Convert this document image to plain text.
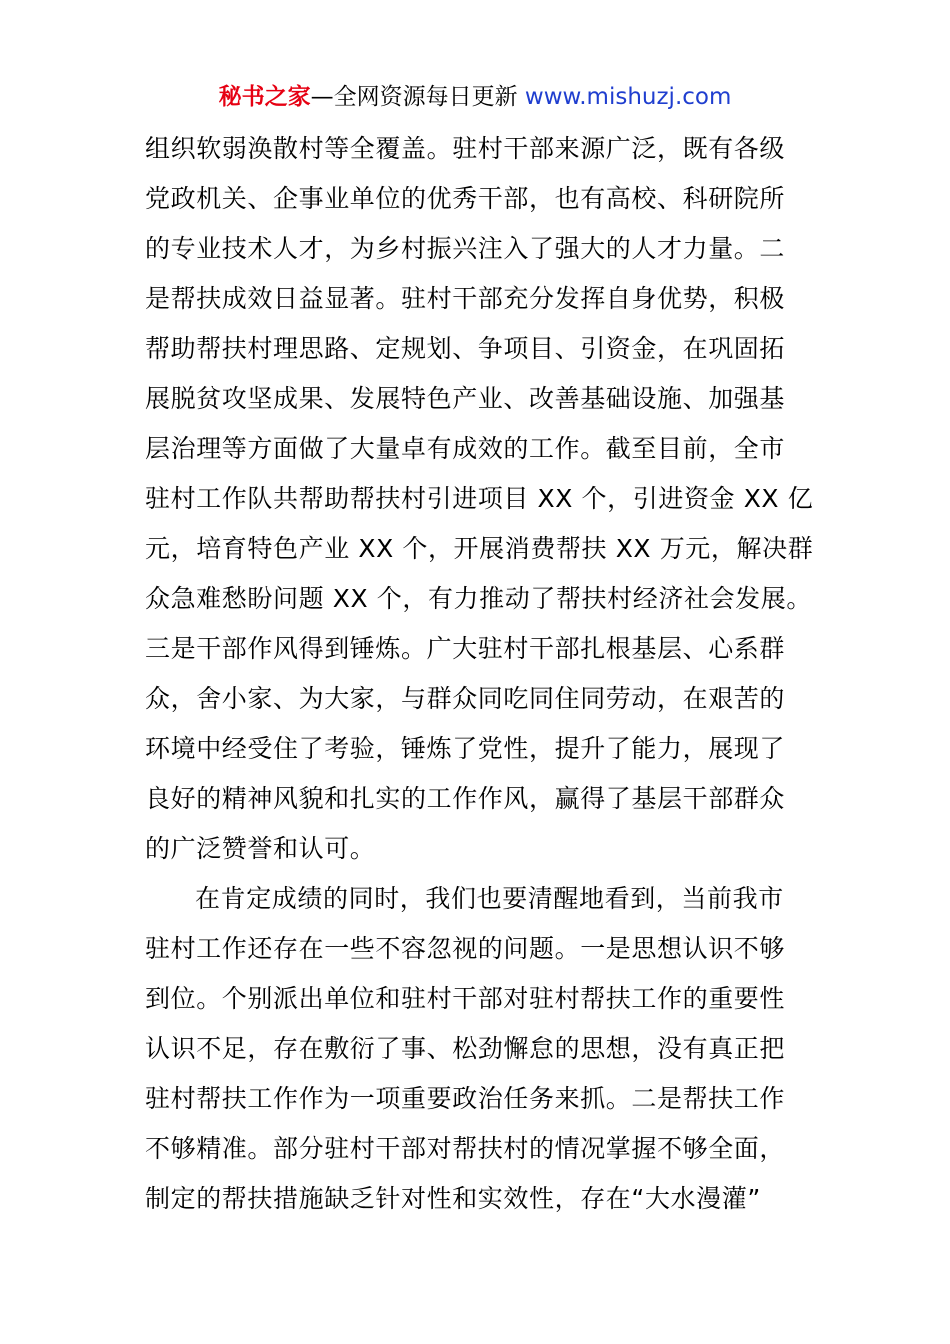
秘书之家—全网资源每日更新 www.mishuzj.com
组织软弱涣散村等全覆盖。驻村干部来源广泛，既有各级
党政机关、企事业单位的优秀干部，也有高校、科研院所
的专业技术人才，为乡村振兴注入了强大的人才力量。二
是帮扶成效日益显著。驻村干部充分发挥自身优势，积极
帮助帮扶村理思路、定规划、争项目、引资金，在巩固拓
展脱贫攻坚成果、发展特色产业、改善基础设施、加强基
层治理等方面做了大量卓有成效的工作。截至目前，全市
驻村工作队共帮助帮扶村引进项目 XX 个，引进资金 XX 亿
元，培育特色产业 XX 个，开展消费帮扶 XX 万元，解决群
众急难愁盼问题 XX 个，有力推动了帮扶村经济社会发展。
三是干部作风得到锤炼。广大驻村干部扎根基层、心系群
众，舍小家、为大家，与群众同吃同住同劳动，在艰苦的
环境中经受住了考验，锤炼了党性，提升了能力，展现了
良好的精神风貌和扎实的工作作风，赢得了基层干部群众
的广泛赞誉和认可。
在肯定成绩的同时，我们也要清醒地看到，当前我市
驻村工作还存在一些不容忽视的问题。一是思想认识不够
到位。个别派出单位和驻村干部对驻村帮扶工作的重要性
认识不足，存在敷衍了事、松劲懈怠的思想，没有真正把
驻村帮扶工作作为一项重要政治任务来抓。二是帮扶工作
不够精准。部分驻村干部对帮扶村的情况掌握不够全面，
制定的帮扶措施缺乏针对性和实效性，存在“大水漫灌”
